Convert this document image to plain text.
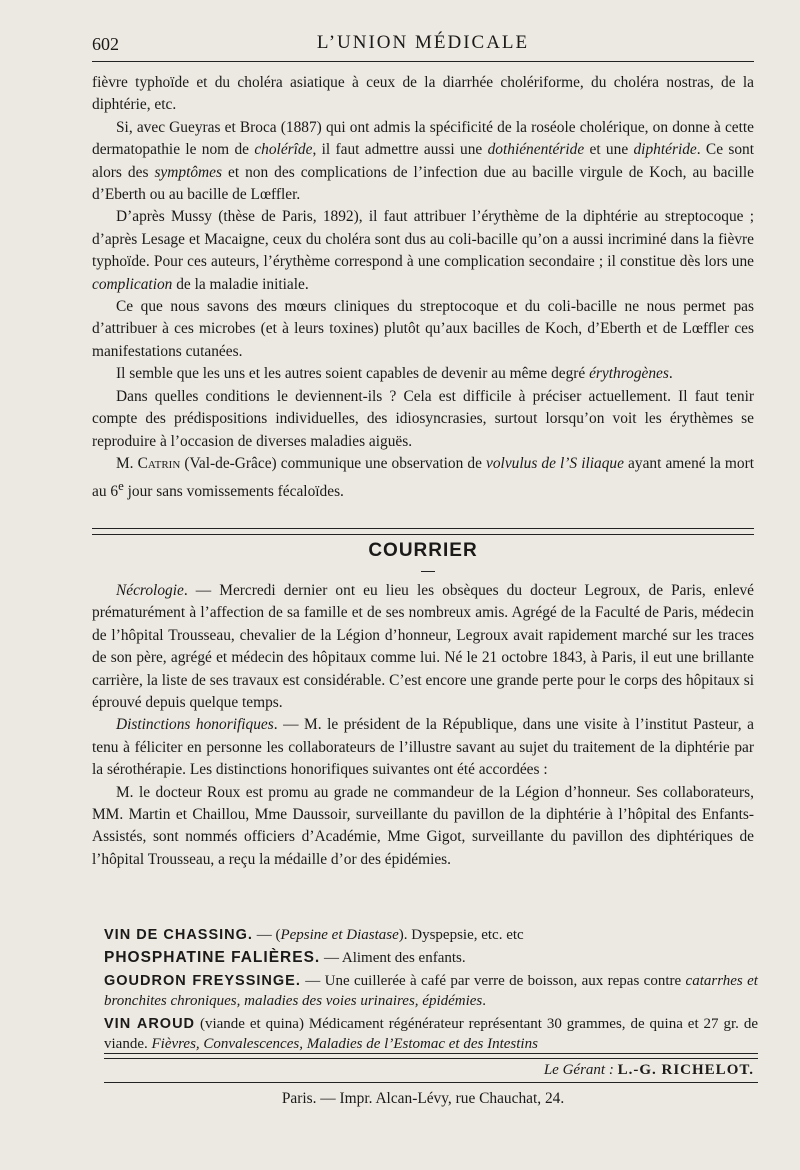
602	L’UNION MÉDICALE

fièvre typhoïde et du choléra asiatique à ceux de la diarrhée cholériforme, du choléra nostras, de la diphtérie, etc.

Si, avec Gueyras et Broca (1887) qui ont admis la spécificité de la roséole cholérique, on donne à cette dermatopathie le nom de cholérîde, il faut admettre aussi une dothiénentéride et une diphtéride. Ce sont alors des symptômes et non des complications de l’infection due au bacille virgule de Koch, au bacille d’Eberth ou au bacille de Lœffler.

D’après Mussy (thèse de Paris, 1892), il faut attribuer l’érythème de la diphtérie au streptocoque ; d’après Lesage et Macaigne, ceux du choléra sont dus au coli-bacille qu’on a aussi incriminé dans la fièvre typhoïde. Pour ces auteurs, l’érythème correspond à une complication secondaire ; il constitue dès lors une complication de la maladie initiale.

Ce que nous savons des mœurs cliniques du streptocoque et du coli-bacille ne nous permet pas d’attribuer à ces microbes (et à leurs toxines) plutôt qu’aux bacilles de Koch, d’Eberth et de Lœffler ces manifestations cutanées.

Il semble que les uns et les autres soient capables de devenir au même degré érythrogènes.

Dans quelles conditions le deviennent-ils ? Cela est difficile à préciser actuellement. Il faut tenir compte des prédispositions individuelles, des idiosyncrasies, surtout lorsqu’on voit les érythèmes se reproduire à l’occasion de diverses maladies aiguës.

M. Catrin (Val-de-Grâce) communique une observation de volvulus de l’S iliaque ayant amené la mort au 6e jour sans vomissements fécaloïdes.

COURRIER

Nécrologie. — Mercredi dernier ont eu lieu les obsèques du docteur Legroux, de Paris, enlevé prématurément à l’affection de sa famille et de ses nombreux amis. Agrégé de la Faculté de Paris, médecin de l’hôpital Trousseau, chevalier de la Légion d’honneur, Legroux avait rapidement marché sur les traces de son père, agrégé et médecin des hôpitaux comme lui. Né le 21 octobre 1843, à Paris, il eut une brillante carrière, la liste de ses travaux est considérable. C’est encore une grande perte pour le corps des hôpitaux si éprouvé depuis quelque temps.

Distinctions honorifiques. — M. le président de la République, dans une visite à l’institut Pasteur, a tenu à féliciter en personne les collaborateurs de l’illustre savant au sujet du traitement de la diphtérie par la sérothérapie. Les distinctions honorifiques suivantes ont été accordées :

M. le docteur Roux est promu au grade ne commandeur de la Légion d’honneur. Ses collaborateurs, MM. Martin et Chaillou, Mme Daussoir, surveillante du pavillon de la diphtérie à l’hôpital des Enfants-Assistés, sont nommés officiers d’Académie, Mme Gigot, surveillante du pavillon des diphtériques de l’hôpital Trousseau, a reçu la médaille d’or des épidémies.

VIN DE CHASSING. — (Pepsine et Diastase). Dyspepsie, etc. etc

PHOSPHATINE FALIÈRES. — Aliment des enfants.

GOUDRON FREYSSINGE. — Une cuillerée à café par verre de boisson, aux repas contre catarrhes et bronchites chroniques, maladies des voies urinaires, épidémies.

VIN AROUD (viande et quina) Médicament régénérateur représentant 30 grammes, de quina et 27 gr. de viande. Fièvres, Convalescences, Maladies de l’Estomac et des Intestins

Le Gérant : L.-G. RICHELOT.
Paris. — Impr. Alcan-Lévy, rue Chauchat, 24.
